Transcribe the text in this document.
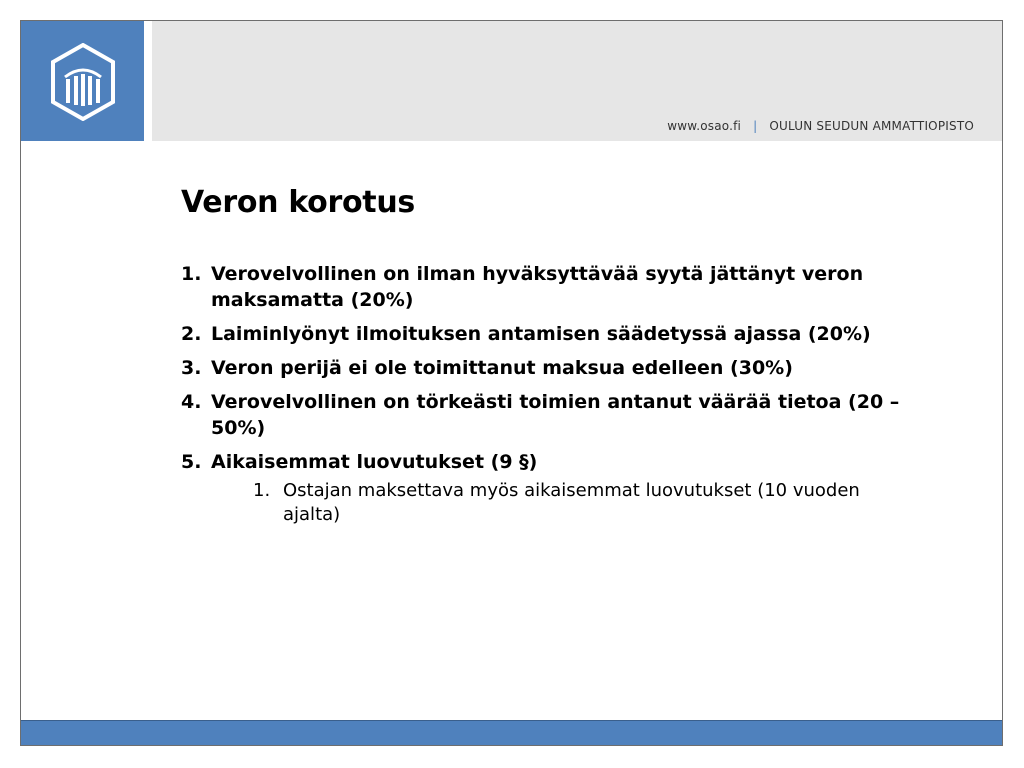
www.osao.fi | OULUN SEUDUN AMMATTIOPISTO
Veron korotus
1. Verovelvollinen on ilman hyväksyttävää syytä jättänyt veron maksamatta (20%)
2. Laiminlyönyt ilmoituksen antamisen säädetyssä ajassa (20%)
3. Veron perijä ei ole toimittanut maksua edelleen (30%)
4. Verovelvollinen on törkeästi toimien antanut väärää tietoa (20 – 50%)
5. Aikaisemmat luovutukset (9 §)
1. Ostajan maksettava myös aikaisemmat luovutukset (10 vuoden ajalta)
